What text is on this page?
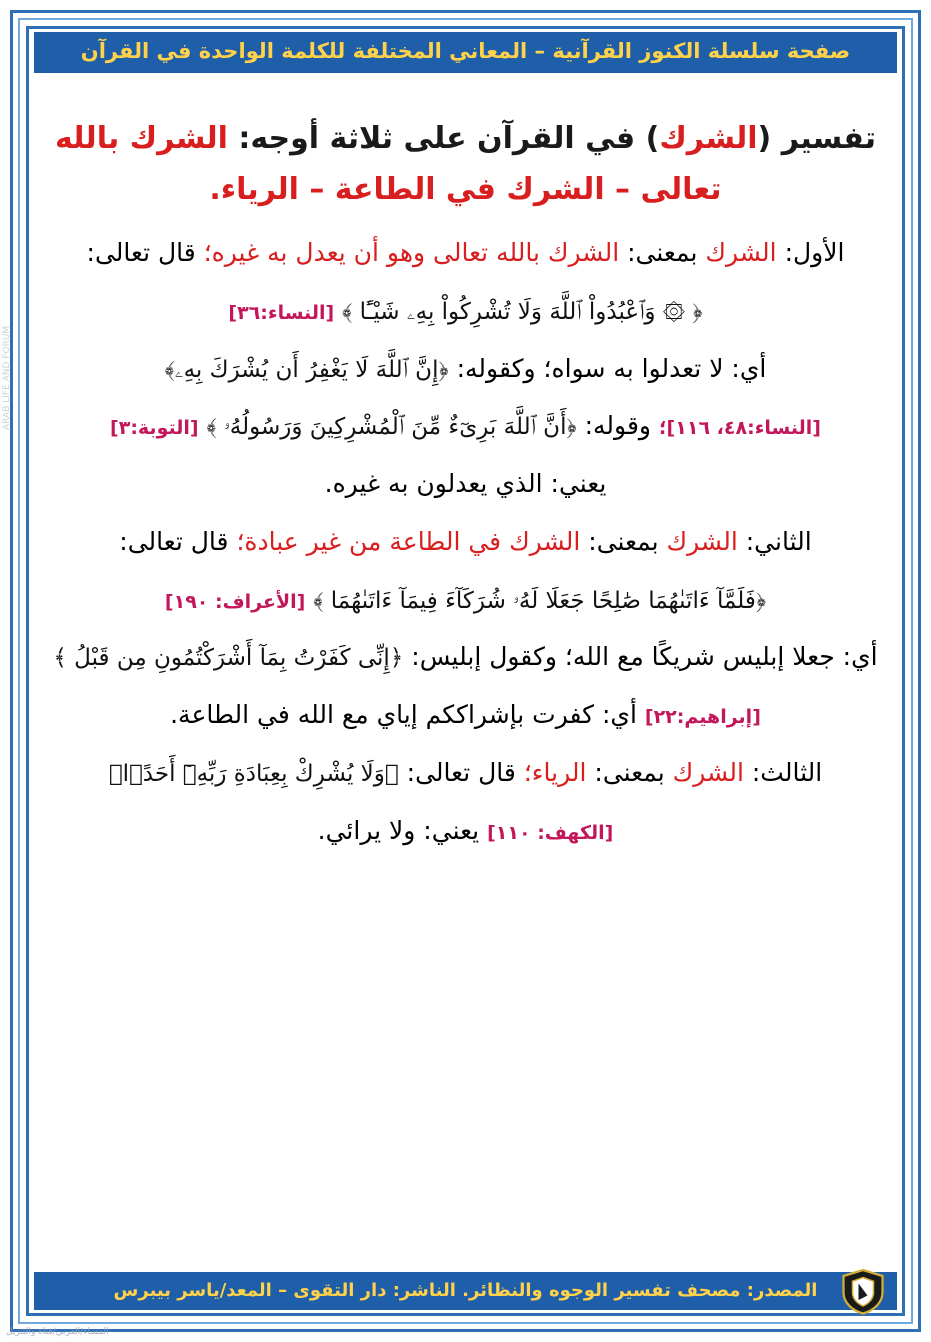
صفحة سلسلة الكنوز القرآنية – المعاني المختلفة للكلمة الواحدة في القرآن

تفسير (الشرك) في القرآن على ثلاثة أوجه: الشرك بالله تعالى – الشرك في الطاعة – الرياء.

الأول: الشرك بمعنى: الشرك بالله تعالى وهو أن يعدل به غيره؛ قال تعالى:

﴿ ۞ وَٱعْبُدُواْ ٱللَّهَ وَلَا تُشْرِكُواْ بِهِۦ شَيْـًٔا ﴾ [النساء:٣٦]

أي: لا تعدلوا به سواه؛ وكقوله: ﴿إِنَّ ٱللَّهَ لَا يَغْفِرُ أَن يُشْرَكَ بِهِۦ﴾

[النساء:٤٨، ١١٦]؛ وقوله: ﴿أَنَّ ٱللَّهَ بَرِىٓءٌ مِّنَ ٱلْمُشْرِكِينَ وَرَسُولُهُۥ ﴾ [التوبة:٣]

يعني: الذي يعدلون به غيره.

الثاني: الشرك بمعنى: الشرك في الطاعة من غير عبادة؛ قال تعالى:

﴿فَلَمَّآ ءَاتَىٰهُمَا صَٰلِحًا جَعَلَا لَهُۥ شُرَكَآءَ فِيمَآ ءَاتَىٰهُمَا ﴾ [الأعراف: ١٩٠]

أي: جعلا إبليس شريكًا مع الله؛ وكقول إبليس: ﴿إِنِّى كَفَرْتُ بِمَآ أَشْرَكْتُمُونِ مِن قَبْلُ ﴾

[إبراهيم:٢٢] أي: كفرت بإشراككم إياي مع الله في الطاعة.

الثالث: الشرك بمعنى: الرياء؛ قال تعالى: ﴿وَلَا يُشْرِكْ بِعِبَادَةِ رَبِّهِۦٓ أَحَدًۢا﴾

[الكهف: ١١٠] يعني: ولا يرائي.

المصدر: مصحف تفسير الوجوه والنظائر. الناشر: دار التقوى – المعد/ياسر بيبرس
المساء/العربي/فتاة والتنزيل
ARAB LIFE AND FORUM
